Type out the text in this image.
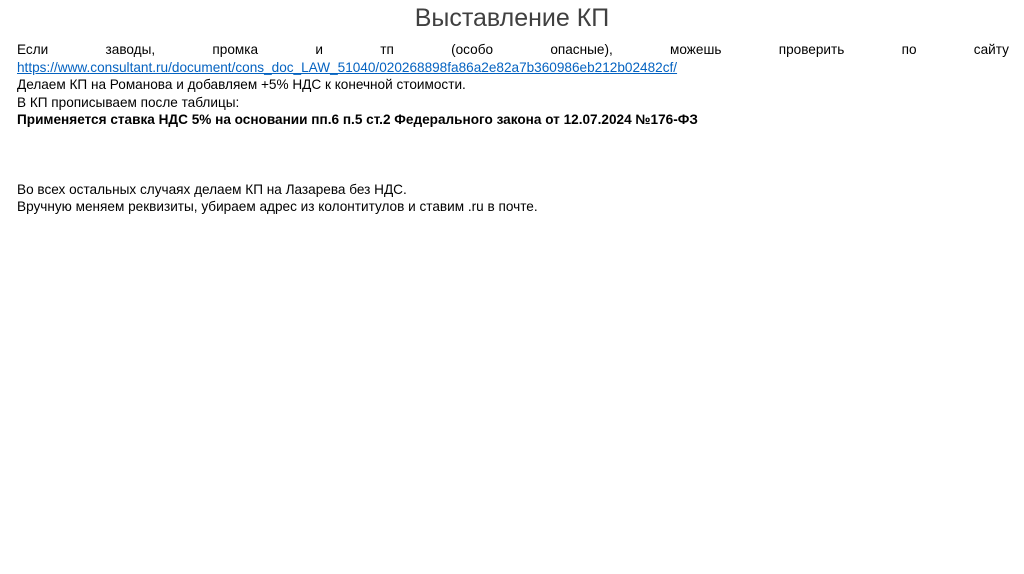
Выставление КП
Если	заводы,	промка	и	тп	(особо	опасные),	можешь	проверить	по	сайту

https://www.consultant.ru/document/cons_doc_LAW_51040/020268898fa86a2e82a7b360986eb212b02482cf/

Делаем КП на Романова и добавляем +5% НДС к конечной стоимости.

В КП прописываем после таблицы:

Применяется ставка НДС 5% на основании пп.6 п.5 ст.2 Федерального закона от 12.07.2024 №176-ФЗ

Во всех остальных случаях делаем КП на Лазарева без НДС.

Вручную меняем реквизиты, убираем адрес из колонтитулов и ставим .ru в почте.
